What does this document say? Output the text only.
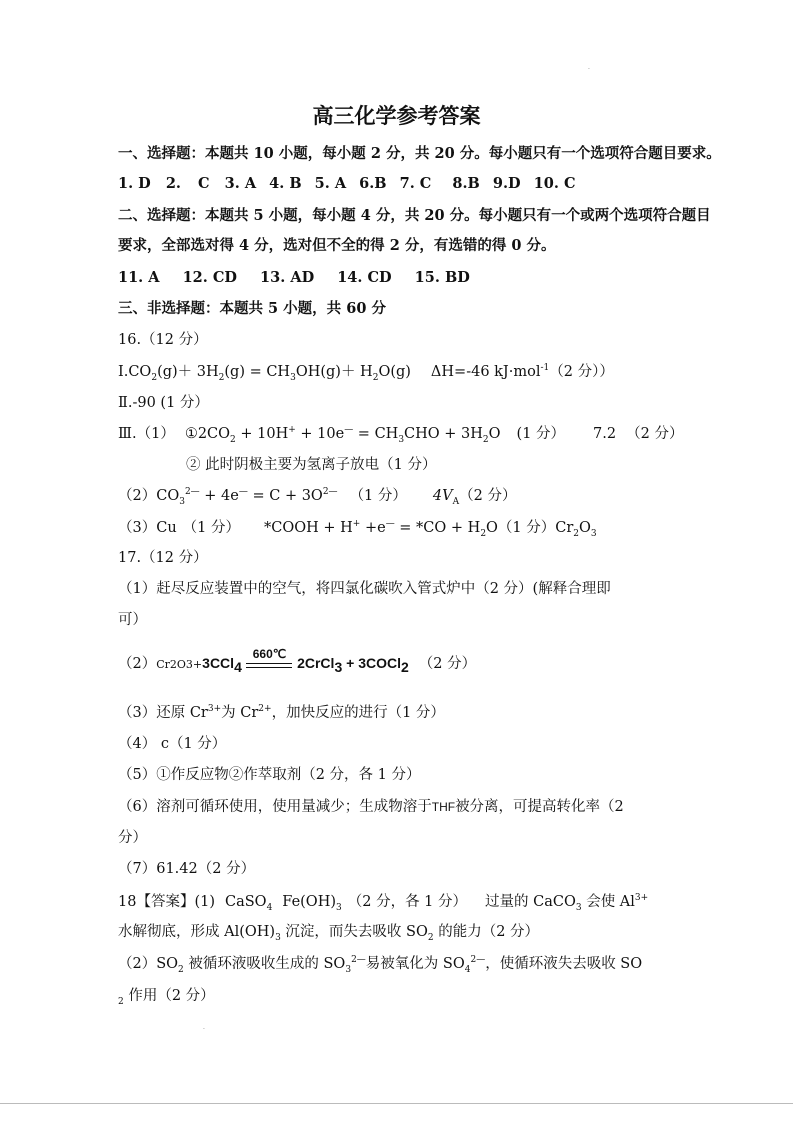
.
高三化学参考答案
一、选择题：本题共 10 小题，每小题 2 分，共 20 分。每小题只有一个选项符合题目要求。
1. D 2. C 3. A 4. B 5. A 6.B 7. C 8.B 9.D 10. C
二、选择题：本题共 5 小题，每小题 4 分，共 20 分。每小题只有一个或两个选项符合题目
要求，全部选对得 4 分，选对但不全的得 2 分，有选错的得 0 分。
11. A 12. CD 13. AD 14. CD 15. BD
三、非选择题：本题共 5 小题，共 60 分
16.（12 分）
$Ⅰ.CO_2(g)+ 3H_2(g) = CH_3OH(g)+ H_2O(g)$ ΔH=-46 kJ·mol$^{-1}$（2 分））
Ⅱ.-90 (1 分）
Ⅲ.（1） $①2CO_2 + 10H^+ + 10e^— = CH_3CHO + 3H_2O$ (1 分） 7.2 （2 分）
② 此时阴极主要为氢离子放电（1 分）
$(2)CO_3^{2—} + 4e^— = C + 3O^{2—}$ （1 分） $4V_A(2$ 分）
（3）Cu （1 分） *COOH + $H^+ +e^— = *CO + H_2O(1$ 分）$Cr_2O_3$
17.（12 分）
（1）赶尽反应装置中的空气，将四氯化碳吹入管式炉中（2 分）(解释合理即
可）
（2）Cr2O3+3CCl$_4$
660℃
2CrCl$_3$ + 3COCl$_2$ （2 分）
（3）还原 $Cr^{3+}$为 $Cr^{2+}$，加快反应的进行（1 分）
（4） c（1 分）
（5）①作反应物②作萃取剂（2 分，各 1 分）
（6）溶剂可循环使用，使用量减少；生成物溶于THF被分离，可提高转化率（2
分）
（7）61.42（2 分）
18【答案】(1) CaSO$_4$ $Fe(OH)_3$ （2 分，各 1 分） 过量的 CaCO$_3$ 会使 $Al^{3+}$
水解彻底，形成 $Al(OH)_3$ 沉淀，而失去吸收 $SO_2$ 的能力（2 分）
$(2)SO_2$ 被循环液吸收生成的 $SO_3^{2—}$易被氧化为 $SO_4^{2—}$，使循环液失去吸收 SO
$_2$ 作用（2 分）
.
